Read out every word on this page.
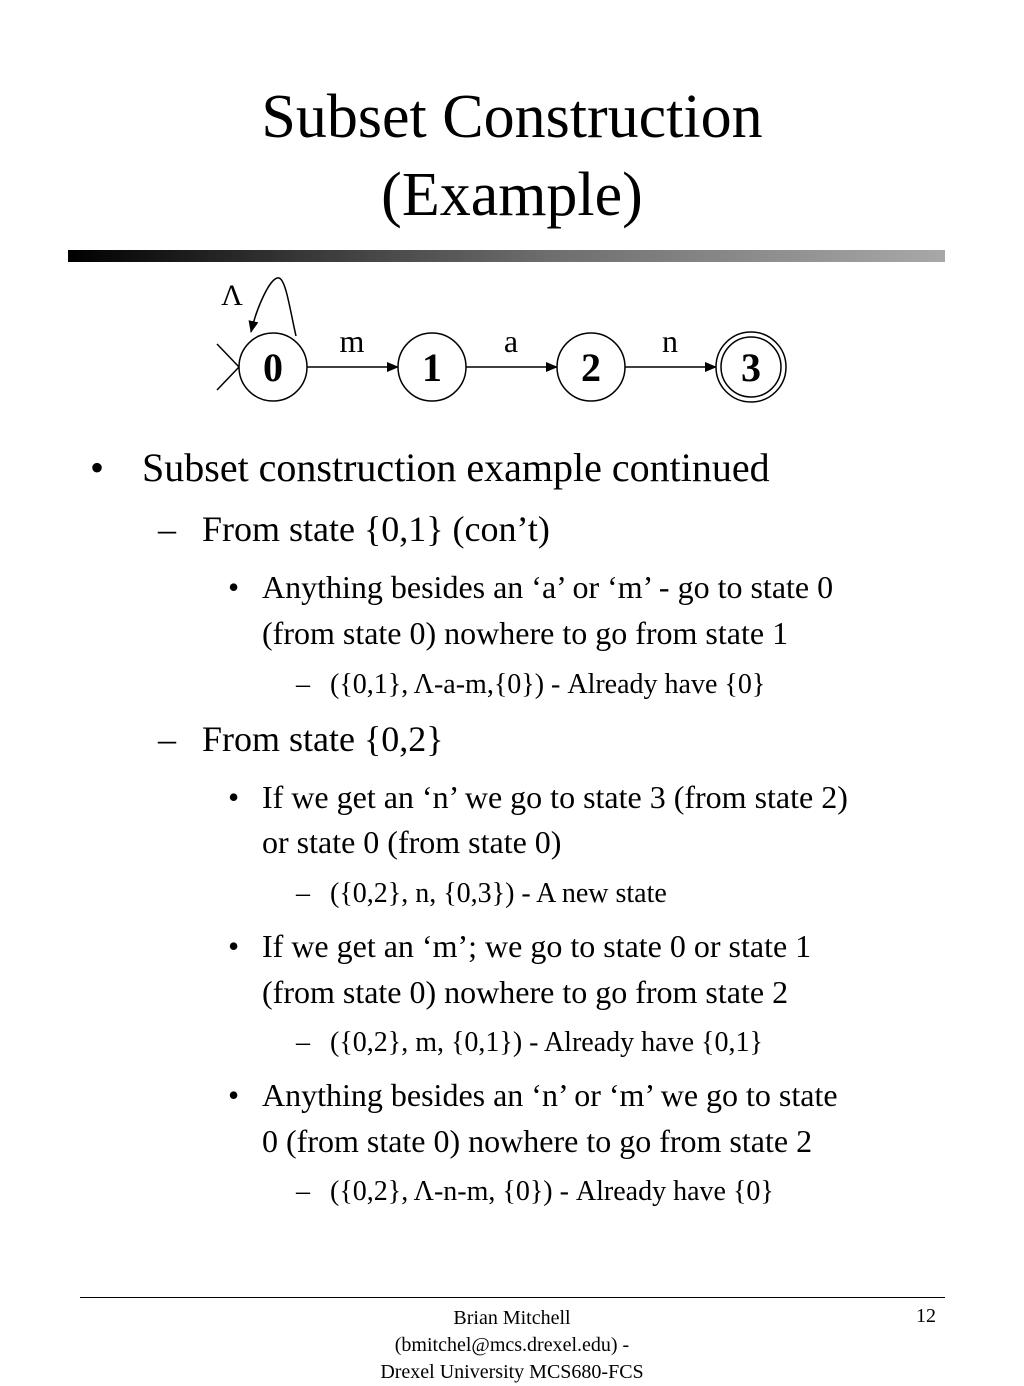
Subset Construction
(Example)
Λ
m	a	n
0	1	2	3
• Subset construction example continued
– From state {0,1} (con’t)
• Anything besides an ‘a’ or ‘m’ - go to state 0
(from state 0) nowhere to go from state 1
– ({0,1}, Λ-a-m,{0}) - Already have {0}
– From state {0,2}
• If we get an ‘n’ we go to state 3 (from state 2)
or state 0 (from state 0)
– ({0,2}, n, {0,3}) - A new state
• If we get an ‘m’; we go to state 0 or state 1
(from state 0) nowhere to go from state 2
– ({0,2}, m, {0,1}) - Already have {0,1}
• Anything besides an ‘n’ or ‘m’ we go to state
0 (from state 0) nowhere to go from state 2
– ({0,2}, Λ-n-m, {0}) - Already have {0}
Brian Mitchell
(bmitchel@mcs.drexel.edu) -
Drexel University MCS680-FCS
12
